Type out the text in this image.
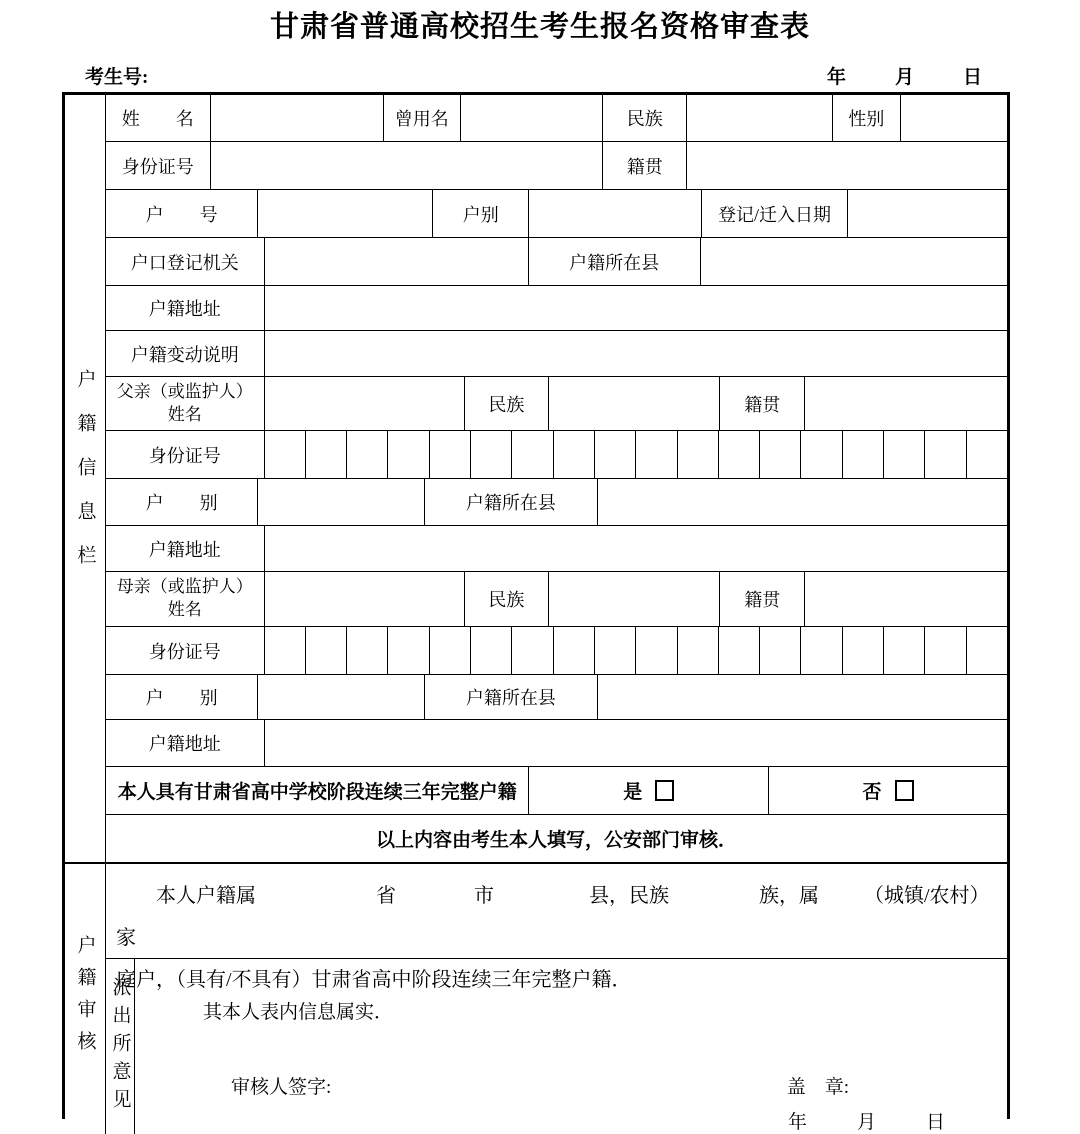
甘肃省普通高校招生考生报名资格审查表
考生号:	年	月	日
户籍信息栏
姓　　名	曾用名	民族	性别
身份证号	籍贯
户　　号	户别	登记/迁入日期
户口登记机关	户籍所在县
户籍地址
户籍变动说明
父亲（或监护人）姓名	民族	籍贯
身份证号
户　　别	户籍所在县
户籍地址
母亲（或监护人）姓名	民族	籍贯
身份证号
户　　别	户籍所在县
户籍地址
本人具有甘肃省高中学校阶段连续三年完整户籍	是	否
以上内容由考生本人填写，公安部门审核．
户籍审核
本人户籍属	省	市	县，民族	族，属 （城镇/农村）家
庭户，（具有/不具有）甘肃省高中阶段连续三年完整户籍．
派出所意见	其本人表内信息属实．
审核人签字:	盖　章:
年	月	日
